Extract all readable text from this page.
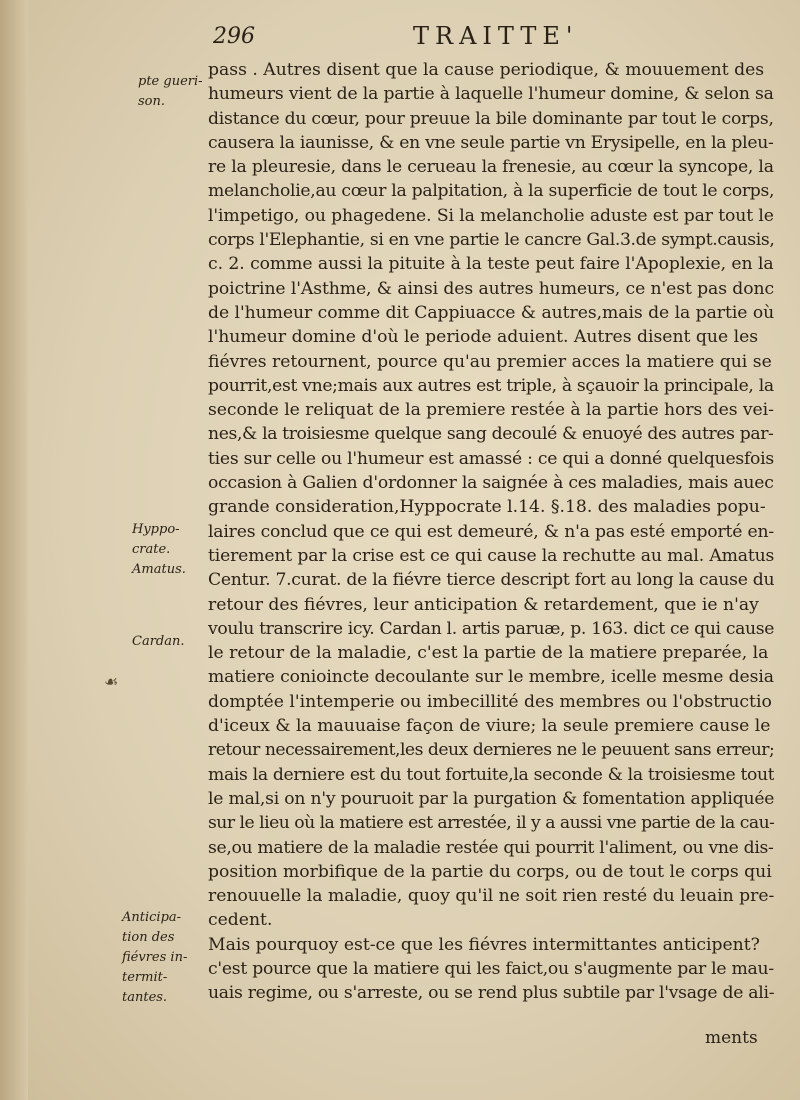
296	TRAITTE'
pte gueri-
son.
Hyppo-
crate.
Amatus.
Cardan.
Anticipa-
tion des fiévres in-
termit-
tantes.
☙
pass . Autres disent que la cause periodique, & mouuement des
humeurs vient de la partie à laquelle l'humeur domine, & selon sa
distance du cœur, pour preuue la bile dominante par tout le corps,
causera la iaunisse, & en vne seule partie vn Erysipelle, en la pleu-
re la pleuresie, dans le cerueau la frenesie, au cœur la syncope, la
melancholie,au cœur la palpitation, à la superficie de tout le corps,
l'impetigo, ou phagedene. Si la melancholie aduste est par tout le
corps l'Elephantie, si en vne partie le cancre Gal.3.de sympt.causis,
c. 2. comme aussi la pituite à la teste peut faire l'Apoplexie, en la
poictrine l'Asthme, & ainsi des autres humeurs, ce n'est pas donc
de l'humeur comme dit Cappiuacce & autres,mais de la partie où
l'humeur domine d'où le periode aduient. Autres disent que les
fiévres retournent, pource qu'au premier acces la matiere qui se
pourrit,est vne;mais aux autres est triple, à sçauoir la principale, la
seconde le reliquat de la premiere restée à la partie hors des vei-
nes,& la troisiesme quelque sang decoulé & enuoyé des autres par-
ties sur celle ou l'humeur est amassé : ce qui a donné quelquesfois
occasion à Galien d'ordonner la saignée à ces maladies, mais auec
grande consideration,Hyppocrate l.14. §.18. des maladies popu-
laires conclud que ce qui est demeuré, & n'a pas esté emporté en-
tierement par la crise est ce qui cause la rechutte au mal. Amatus
Centur. 7.curat. de la fiévre tierce descript fort au long la cause du
retour des fiévres, leur anticipation & retardement, que ie n'ay
voulu transcrire icy. Cardan l. artis paruæ, p. 163. dict ce qui cause
le retour de la maladie, c'est la partie de la matiere preparée, la
matiere conioincte decoulante sur le membre, icelle mesme desia
domptée l'intemperie ou imbecillité des membres ou l'obstructio
d'iceux & la mauuaise façon de viure; la seule premiere cause le
retour necessairement,les deux dernieres ne le peuuent sans erreur;
mais la derniere est du tout fortuite,la seconde & la troisiesme tout
le mal,si on n'y pouruoit par la purgation & fomentation appliquée
sur le lieu où la matiere est arrestée, il y a aussi vne partie de la cau-
se,ou matiere de la maladie restée qui pourrit l'aliment, ou vne dis-
position morbifique de la partie du corps, ou de tout le corps qui
renouuelle la maladie, quoy qu'il ne soit rien resté du leuain pre-
cedent.
Mais pourquoy est-ce que les fiévres intermittantes anticipent?
c'est pource que la matiere qui les faict,ou s'augmente par le mau-
uais regime, ou s'arreste, ou se rend plus subtile par l'vsage de ali-
ments
